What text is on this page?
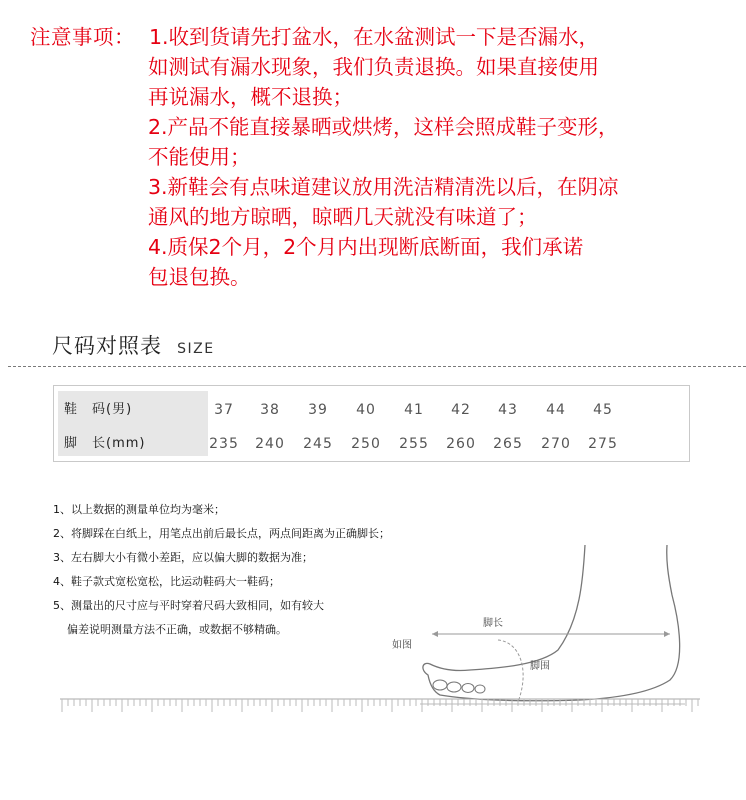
注意事项： 1.收到货请先打盆水，在水盆测试一下是否漏水，
如测试有漏水现象，我们负责退换。如果直接使用
再说漏水，概不退换；
2.产品不能直接暴晒或烘烤，这样会照成鞋子变形，
不能使用；
3.新鞋会有点味道建议放用洗洁精清洗以后，在阴凉
通风的地方晾晒，晾晒几天就没有味道了；
4.质保2个月，2个月内出现断底断面，我们承诺
包退包换。
尺码对照表 SIZE
鞋　码(男)	37	38	39	40	41	42	43	44	45
脚　长(mm)	235	240	245	250	255	260	265	270	275
1、以上数据的测量单位均为毫米；
2、将脚踩在白纸上，用笔点出前后最长点，两点间距离为正确脚长；
3、左右脚大小有微小差距，应以偏大脚的数据为准；
4、鞋子款式宽松宽松，比运动鞋码大一鞋码；
5、测量出的尺寸应与平时穿着尺码大致相同，如有较大
偏差说明测量方法不正确，或数据不够精确。	脚长
脚围
如图
